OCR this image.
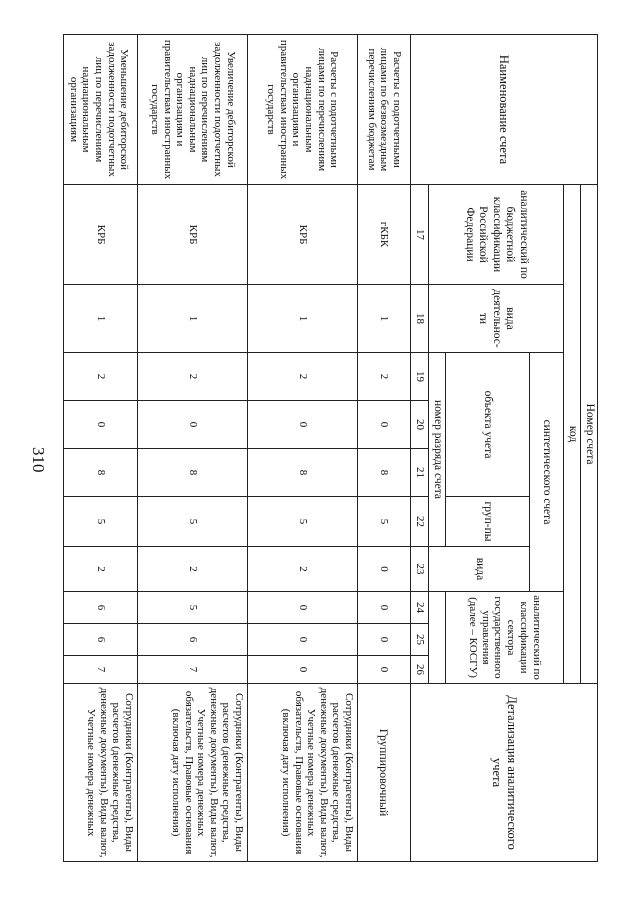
310
Наименование счета	Номер счета										Детализация аналитического учета
	код										
	аналитический по бюджетной классификации Российской Федерации	вида деятельнос-ти	синтетического счета					аналитический по классификации сектора государственного управления (далее – КОСГУ)			
			объекта учета			груп-пы	вида				
			номер разряда счета								
	17	18	19	20	21	22	23	24	25	26	
Расчеты с подотчетными лицами по безвозмездным перечислениям бюджетам	гКБК	1	2	0	8	5	0	0	0	0	Группировочный
Расчеты с подотчетными лицами по перечислениям наднациональным организациям и правительствам иностранных государств	КРБ	1	2	0	8	5	2	0	0	0	Сотрудники (Контрагенты), Виды расчетов (денежные средства, денежные документы), Виды валют, Учетные номера денежных обязательств, Правовые основания (включая дату исполнения)
Увеличение дебиторской задолженности подотчетных лиц по перечислениям наднациональным организациям и правительствам иностранных государств	КРБ	1	2	0	8	5	2	5	6	7	Сотрудники (Контрагенты), Виды расчетов (денежные средства, денежные документы), Виды валют, Учетные номера денежных обязательств, Правовые основания (включая дату исполнения)
Уменьшение дебиторской задолженности подотчетных лиц по перечислениям наднациональным организациям	КРБ	1	2	0	8	5	2	6	6	7	Сотрудники (Контрагенты), Виды расчетов (денежные средства, денежные документы), Виды валют, Учетные номера денежных
